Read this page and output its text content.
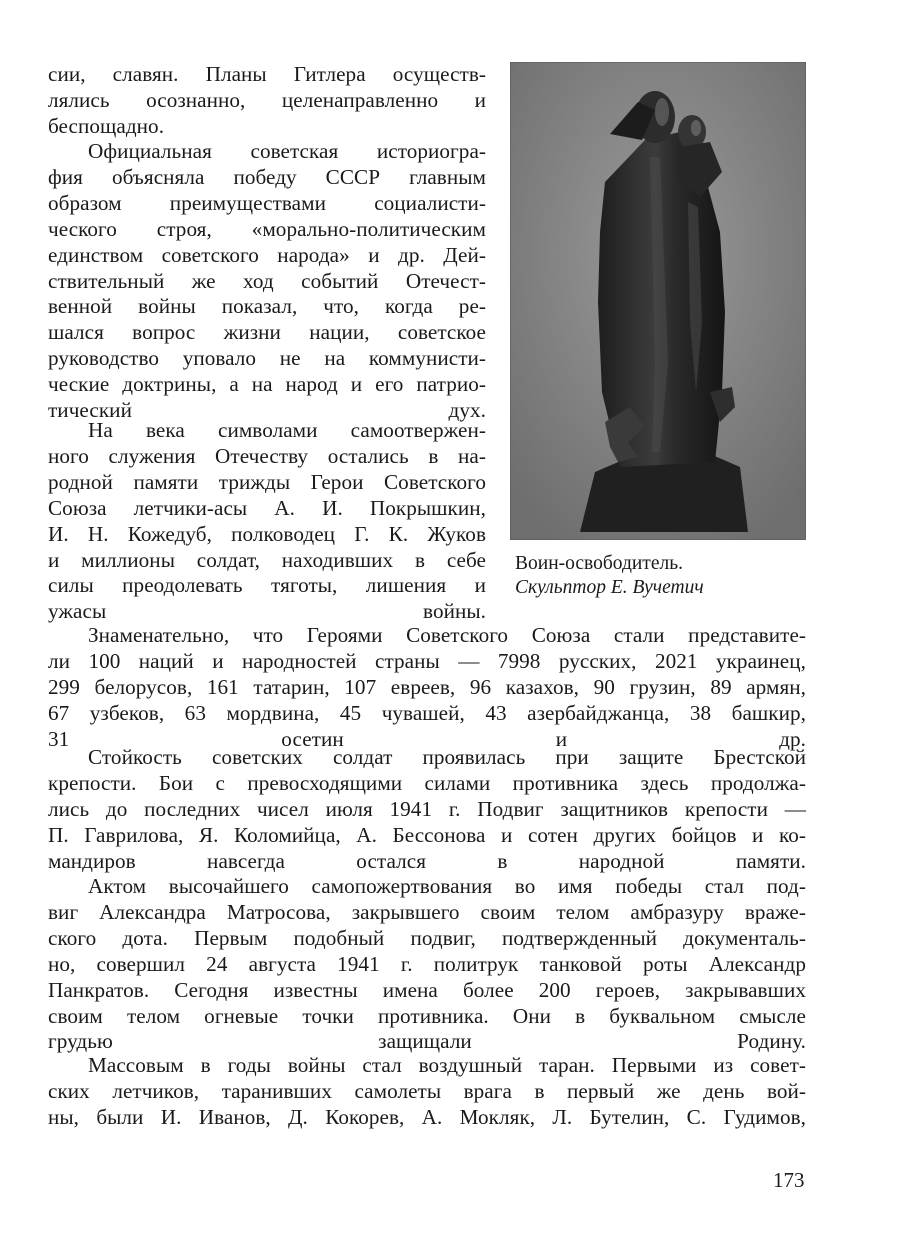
сии, славян. Планы Гитлера осуществ-
лялись осознанно, целенаправленно и
беспощадно.
Официальная советская историогра-
фия объясняла победу СССР главным
образом преимуществами социалисти-
ческого строя, «морально-политическим
единством советского народа» и др. Дей-
ствительный же ход событий Отечест-
венной войны показал, что, когда ре-
шался вопрос жизни нации, советское
руководство уповало не на коммунисти-
ческие доктрины, а на народ и его патрио-
тический дух.
На века символами самоотвержен-
ного служения Отечеству остались в на-
родной памяти трижды Герои Советского
Союза летчики-асы А. И. Покрышкин,
И. Н. Кожедуб, полководец Г. К. Жуков
и миллионы солдат, находивших в себе
силы преодолевать тяготы, лишения и
ужасы войны.
Воин-освободитель.
Скульптор Е. Вучетич
Знаменательно, что Героями Советского Союза стали представите-
ли 100 наций и народностей страны — 7998 русских, 2021 украинец,
299 белорусов, 161 татарин, 107 евреев, 96 казахов, 90 грузин, 89 армян,
67 узбеков, 63 мордвина, 45 чувашей, 43 азербайджанца, 38 башкир,
31 осетин и др.
Стойкость советских солдат проявилась при защите Брестской
крепости. Бои с превосходящими силами противника здесь продолжа-
лись до последних чисел июля 1941 г. Подвиг защитников крепости —
П. Гаврилова, Я. Коломийца, А. Бессонова и сотен других бойцов и ко-
мандиров навсегда остался в народной памяти.
Актом высочайшего самопожертвования во имя победы стал под-
виг Александра Матросова, закрывшего своим телом амбразуру враже-
ского дота. Первым подобный подвиг, подтвержденный документаль-
но, совершил 24 августа 1941 г. политрук танковой роты Александр
Панкратов. Сегодня известны имена более 200 героев, закрывавших
своим телом огневые точки противника. Они в буквальном смысле
грудью защищали Родину.
Массовым в годы войны стал воздушный таран. Первыми из совет-
ских летчиков, таранивших самолеты врага в первый же день вой-
ны, были И. Иванов, Д. Кокорев, А. Мокляк, Л. Бутелин, С. Гудимов,
173
